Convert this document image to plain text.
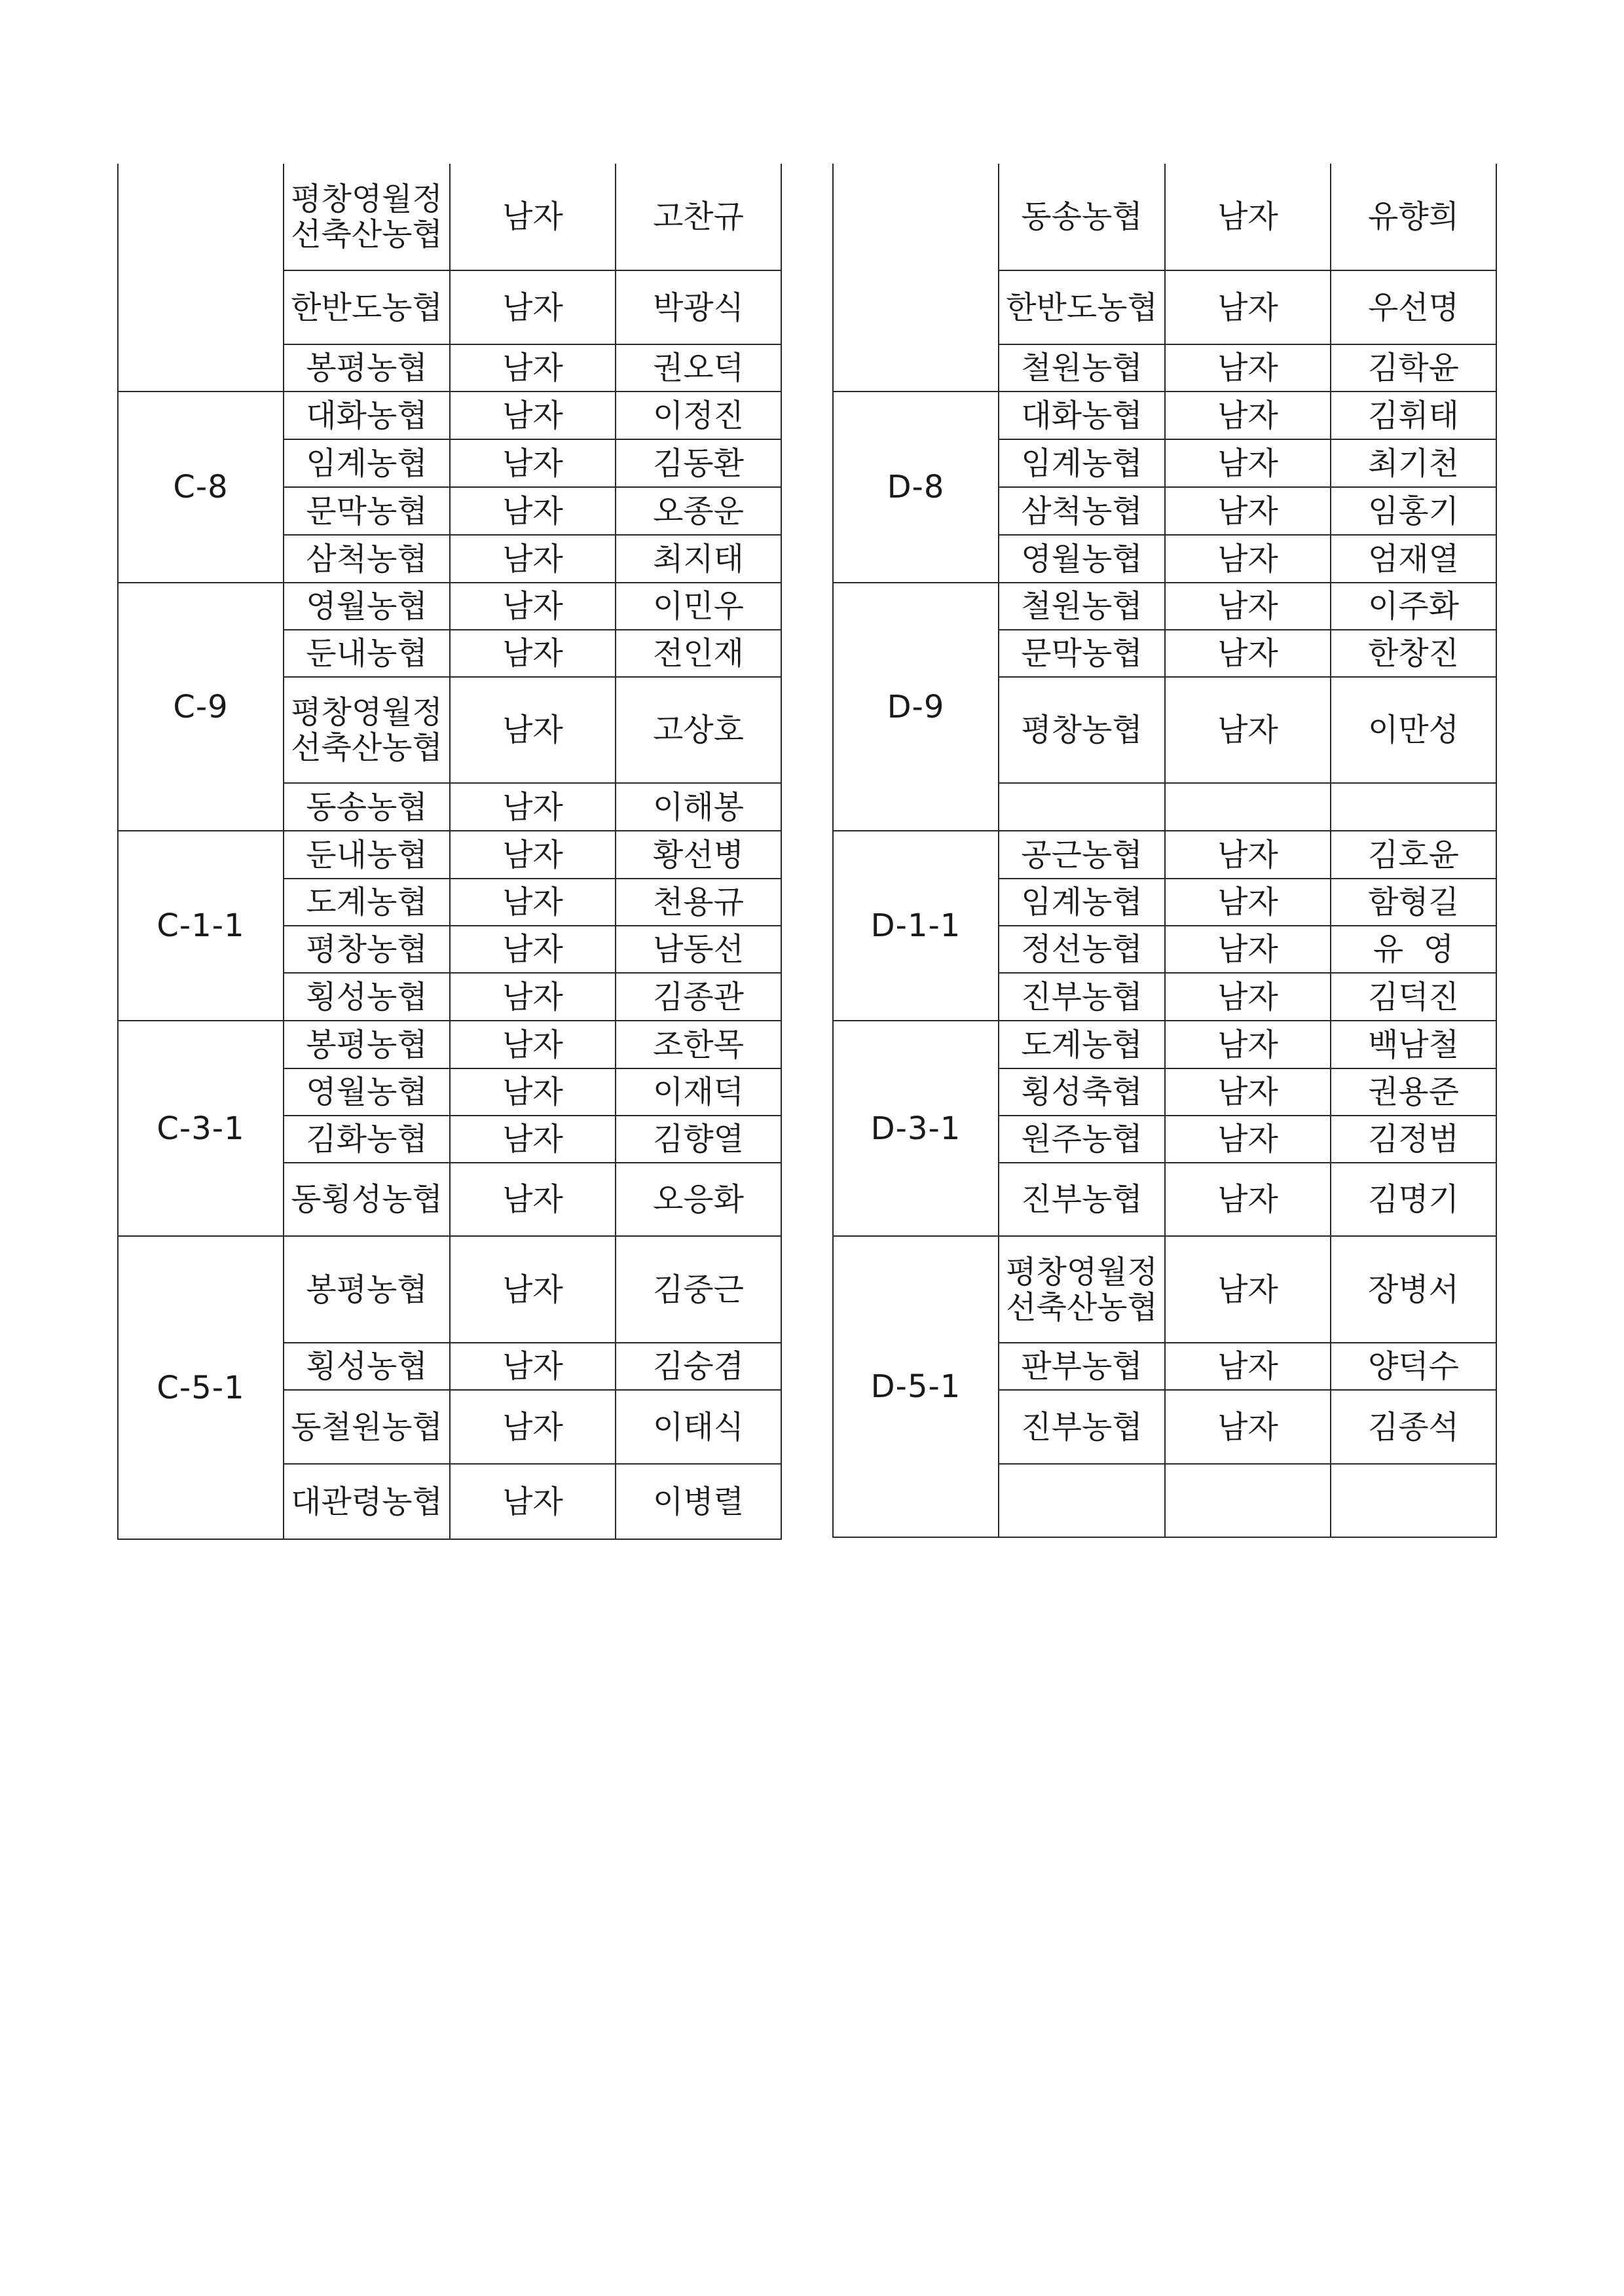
	평창영월정선축산농협	남자	고찬규
	한반도농협	남자	박광식
	봉평농협	남자	권오덕
C-8	대화농협	남자	이정진
	임계농협	남자	김동환
	문막농협	남자	오종운
	삼척농협	남자	최지태
C-9	영월농협	남자	이민우
	둔내농협	남자	전인재
	평창영월정선축산농협	남자	고상호
	동송농협	남자	이해봉
C-1-1	둔내농협	남자	황선병
	도계농협	남자	천용규
	평창농협	남자	남동선
	횡성농협	남자	김종관
C-3-1	봉평농협	남자	조한목
	영월농협	남자	이재덕
	김화농협	남자	김향열
	동횡성농협	남자	오응화
C-5-1	봉평농협	남자	김중근
	횡성농협	남자	김숭겸
	동철원농협	남자	이태식
	대관령농협	남자	이병렬
	동송농협	남자	유향희
	한반도농협	남자	우선명
	철원농협	남자	김학윤
D-8	대화농협	남자	김휘태
	임계농협	남자	최기천
	삼척농협	남자	임홍기
	영월농협	남자	엄재열
D-9	철원농협	남자	이주화
	문막농협	남자	한창진
	평창농협	남자	이만성

D-1-1	공근농협	남자	김호윤
	임계농협	남자	함형길
	정선농협	남자	유  영
	진부농협	남자	김덕진
D-3-1	도계농협	남자	백남철
	횡성축협	남자	권용준
	원주농협	남자	김정범
	진부농협	남자	김명기
D-5-1	평창영월정선축산농협	남자	장병서
	판부농협	남자	양덕수
	진부농협	남자	김종석
